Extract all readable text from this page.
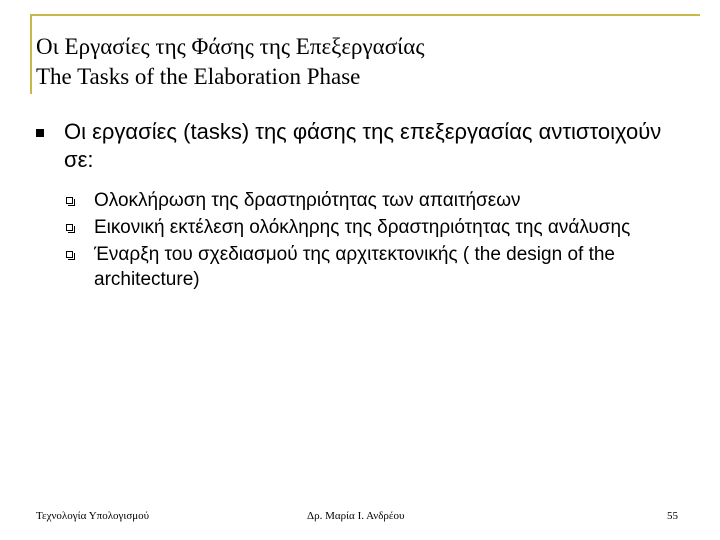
Οι Εργασίες της Φάσης της Επεξεργασίας
The Tasks of the Elaboration Phase
Οι εργασίες (tasks) της φάσης της επεξεργασίας αντιστοιχούν σε:
Ολοκλήρωση της δραστηριότητας των απαιτήσεων
Εικονική εκτέλεση ολόκληρης της δραστηριότητας της ανάλυσης
Έναρξη του σχεδιασμού της αρχιτεκτονικής ( the design of the architecture)
Τεχνολογία Υπολογισμού	Δρ. Μαρία Ι. Ανδρέου	55
